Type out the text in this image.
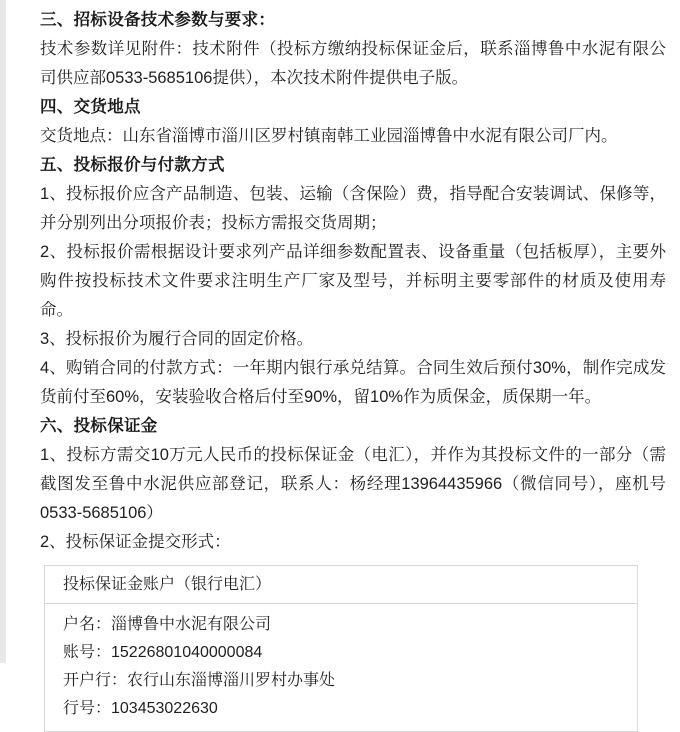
三、招标设备技术参数与要求：

技术参数详见附件：技术附件（投标方缴纳投标保证金后，联系淄博鲁中水泥有限公司供应部0533-5685106提供），本次技术附件提供电子版。

四、交货地点

交货地点：山东省淄博市淄川区罗村镇南韩工业园淄博鲁中水泥有限公司厂内。

五、投标报价与付款方式

1、投标报价应含产品制造、包装、运输（含保险）费，指导配合安装调试、保修等，并分别列出分项报价表；投标方需报交货周期；

2、投标报价需根据设计要求列产品详细参数配置表、设备重量（包括板厚），主要外购件按投标技术文件要求注明生产厂家及型号，并标明主要零部件的材质及使用寿命。

3、投标报价为履行合同的固定价格。

4、购销合同的付款方式：一年期内银行承兑结算。合同生效后预付30%，制作完成发货前付至60%，安装验收合格后付至90%，留10%作为质保金，质保期一年。

六、投标保证金

1、投标方需交10万元人民币的投标保证金（电汇），并作为其投标文件的一部分（需截图发至鲁中水泥供应部登记，联系人：杨经理13964435966（微信同号），座机号0533-5685106）

2、投标保证金提交形式：

投标保证金账户（银行电汇）
户名：淄博鲁中水泥有限公司
账号：15226801040000084
开户行：农行山东淄博淄川罗村办事处
行号：103453022630
